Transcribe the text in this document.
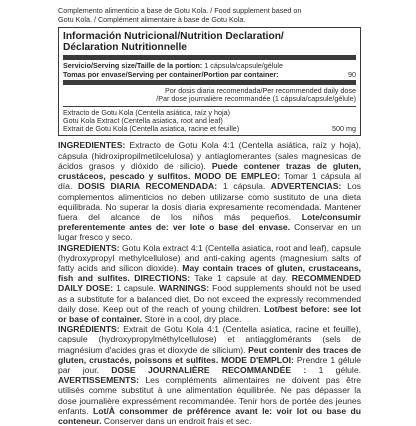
Complemento alimenticio a base de Gotu Kola. / Food supplement based on
Gotu Kola. / Complément alimentaire à base de Gotu Kola.
Información Nutricional/Nutrition Declaration/
Déclaration Nutritionnelle
Servicio/Serving size/Taille de la portion: 1 cápsula/capsule/gélule
Tomas por envase/Serving per container/Portion par container:	90
Por dosis diaria recomendada/Per recommended daily dose
/Par dose journalière recommandée (1 cápsula/capsule/gélule)
Extracto de Gotu Kola (Centella asiática, raíz y hoja)
Gotu Kola Extract (Centella asiatica, root and leaf)
Extrait de Gotu Kola (Centella asiatica, racine et feuille)	500 mg

INGREDIENTES: Extracto de Gotu Kola 4:1 (Centella asiática, raíz y hoja), cápsula (hidroxipropilmetilcelulosa) y antiaglomerantes (sales magnesicas de ácidos grasos y dióxido de silicio). Puede contener trazas de gluten, crustáceos, pescado y sulfitos. MODO DE EMPLEO: Tomar 1 cápsula al día. DOSIS DIARIA RECOMENDADA: 1 cápsula. ADVERTENCIAS: Los complementos alimenticios no deben utilizarse como sustituto de una dieta equilibrada. No superar la dosis diaria expresamente recomendada. Mantener fuera del alcance de los niños más pequeños. Lote/consumir preferentemente antes de: ver lote o base del envase. Conservar en un lugar fresco y seco.

INGREDIENTS: Gotu Kola extract 4:1 (Centella asiatica, root and leaf), capsule (hydroxypropyl methylcellulose) and anti-caking agents (magnesium salts of fatty acids and silicon dioxide). May contain traces of gluten, crustaceans, fish and sulfites. DIRECTIONS: Take 1 capsule at day. RECOMMENDED DAILY DOSE: 1 capsule. WARNINGS: Food supplements should not be used as a substitute for a balanced diet. Do not exceed the expressly recommended daily dose. Keep out of the reach of young children. Lot/best before: see lot or base of container. Store in a cool, dry place.

INGRÉDIENTS: Extrait de Gotu Kola 4:1 (Centella asiatica, racine et feuille), capsule (hydroxypropylméthylcellulose) et antiagglomérants (sels de magnésium d'acides gras et dioxyde de silicium). Peut contenir des traces de gluten, crustacés, poissons et sulfites. MODE D'EMPLOI: Prendre 1 gélule par jour. DOSE JOURNALIÈRE RECOMMANDÉE : 1 gélule. AVERTISSEMENTS: Les compléments alimentaires ne doivent pas être utilisés comme substitut à une alimentation équilibrée. Ne pas dépasser la dose journalière expressément recommandée. Tenir hors de portée des jeunes enfants. Lot/À consommer de préférence avant le: voir lot ou base du conteneur. Conserver dans un endroit frais et sec.
